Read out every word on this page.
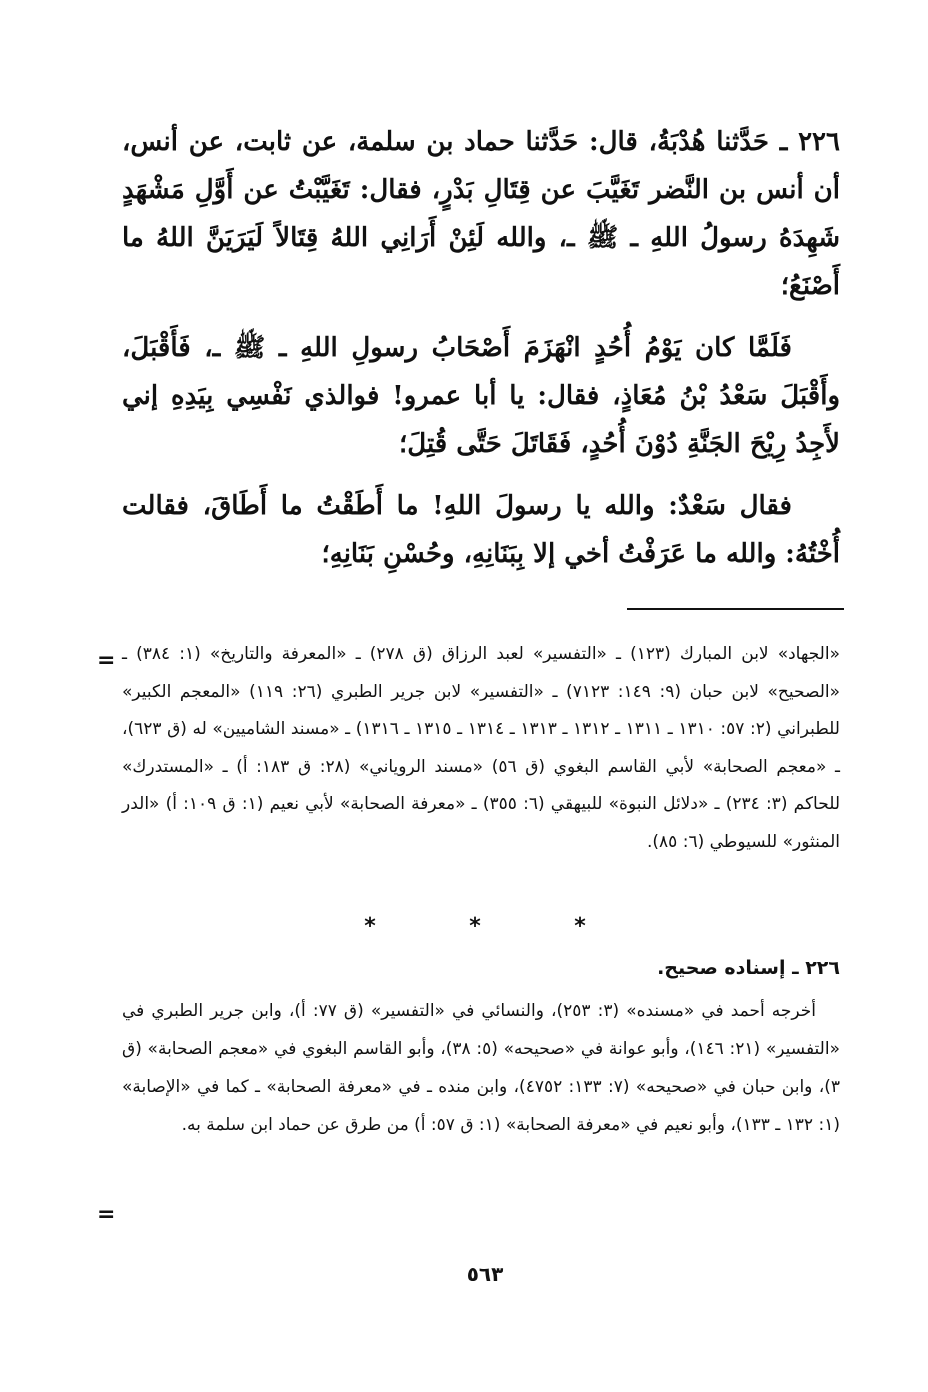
٢٢٦ ـ حَدَّثنا هُدْبَةُ، قال: حَدَّثنا حماد بن سلمة، عن ثابت، عن أنس، أن أنس بن النَّضر تَغَيَّبَ عن قِتَالِ بَدْرٍ، فقال: تَغَيَّبْتُ عن أَوَّلِ مَشْهَدٍ شَهِدَهُ رسولُ اللهِ ـ ﷺ ـ، والله لَئِنْ أَرَانِي اللهُ قِتَالاً لَيَرَيَنَّ اللهُ ما أَصْنَعُ؛

فَلَمَّا كان يَوْمُ أُحُدٍ انْهَزَمَ أَصْحَابُ رسولِ اللهِ ـ ﷺ ـ، فَأَقْبَلَ، وأَقْبَلَ سَعْدُ بْنُ مُعَاذٍ، فقال: يا أبا عمرو! فوالذي نَفْسِي بِيَدِهِ إني لأَجِدُ رِيْحَ الجَنَّةِ دُوْنَ أُحُدٍ، فَقَاتَلَ حَتَّى قُتِلَ؛

فقال سَعْدٌ: والله يا رسولَ اللهِ! ما أَطَقْتُ ما أَطَاقَ، فقالت أُخْتُهُ: والله ما عَرَفْتُ أخي إلا بِبَنَانِهِ، وحُسْنِ بَنَانِهِ؛

= «الجهاد» لابن المبارك (١٢٣) ـ «التفسير» لعبد الرزاق (ق ٢٧٨) ـ «المعرفة والتاريخ» (١: ٣٨٤) ـ «الصحيح» لابن حبان (٩: ١٤٩: ٧١٢٣) ـ «التفسير» لابن جرير الطبري (٢٦: ١١٩) «المعجم الكبير» للطبراني (٢: ٥٧: ١٣١٠ ـ ١٣١١ ـ ١٣١٢ ـ ١٣١٣ ـ ١٣١٤ ـ ١٣١٥ ـ ١٣١٦) ـ «مسند الشاميين» له (ق ٦٢٣)، ـ «معجم الصحابة» لأبي القاسم البغوي (ق ٥٦) «مسند الروياني» (٢٨: ق ١٨٣: أ) ـ «المستدرك» للحاكم (٣: ٢٣٤) ـ «دلائل النبوة» للبيهقي (٦: ٣٥٥) ـ «معرفة الصحابة» لأبي نعيم (١: ق ١٠٩: أ) «الدر المنثور» للسيوطي (٦: ٨٥).

*	*	*

٢٢٦ ـ إسناده صحيح.

أخرجه أحمد في «مسنده» (٣: ٢٥٣)، والنسائي في «التفسير» (ق ٧٧: أ)، وابن جرير الطبري في «التفسير» (٢١: ١٤٦)، وأبو عوانة في «صحيحه» (٥: ٣٨)، وأبو القاسم البغوي في «معجم الصحابة» (ق ٣)، وابن حبان في «صحيحه» (٧: ١٣٣: ٤٧٥٢)، وابن منده ـ في «معرفة الصحابة» ـ كما في «الإصابة» (١: ١٣٢ ـ ١٣٣)، وأبو نعيم في «معرفة الصحابة» (١: ق ٥٧: أ) من طرق عن حماد ابن سلمة به.

=
٥٦٣
